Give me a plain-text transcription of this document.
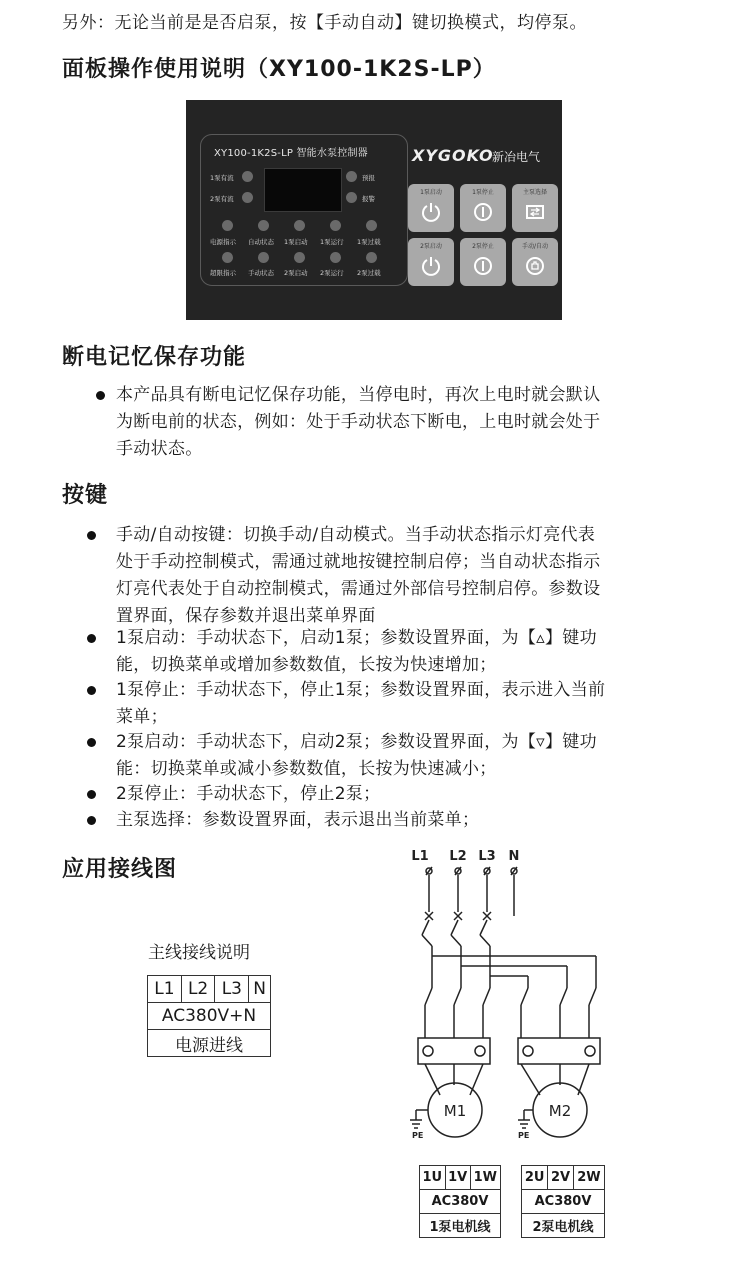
另外：无论当前是是否启泵，按【手动自动】键切换模式，均停泵。
面板操作使用说明（XY100-1K2S-LP）
XY100-1K2S-LP 智能水泵控制器	XYGOKO
新冶电气
1泵有流
2泵有流
预报
报警
电源指示 自动状态 1泵启动 1泵运行 1泵过载
超限指示 手动状态 2泵启动 2泵运行 2泵过载
1泵启动	1泵停止	主泵选择
2泵启动	2泵停止	手动/自动
断电记忆保存功能
本产品具有断电记忆保存功能，当停电时，再次上电时就会默认
为断电前的状态，例如：处于手动状态下断电，上电时就会处于
手动状态。
按键
手动/自动按键：切换手动/自动模式。当手动状态指示灯亮代表
处于手动控制模式，需通过就地按键控制启停；当自动状态指示
灯亮代表处于自动控制模式，需通过外部信号控制启停。参数设
置界面，保存参数并退出菜单界面
1泵启动：手动状态下，启动1泵；参数设置界面，为【▵】键功
能，切换菜单或增加参数数值，长按为快速增加；
1泵停止：手动状态下，停止1泵；参数设置界面，表示进入当前
菜单；
2泵启动：手动状态下，启动2泵；参数设置界面，为【▿】键功
能：切换菜单或减小参数数值，长按为快速减小；
2泵停止：手动状态下，停止2泵；
主泵选择：参数设置界面，表示退出当前菜单；
应用接线图
主线接线说明
L1	L2	L3	N
AC380V+N
电源进线
L1 L2 L3 N
M1	M2
PE	PE
1U	1V	1W
AC380V
1泵电机线
2U	2V	2W
AC380V
2泵电机线
